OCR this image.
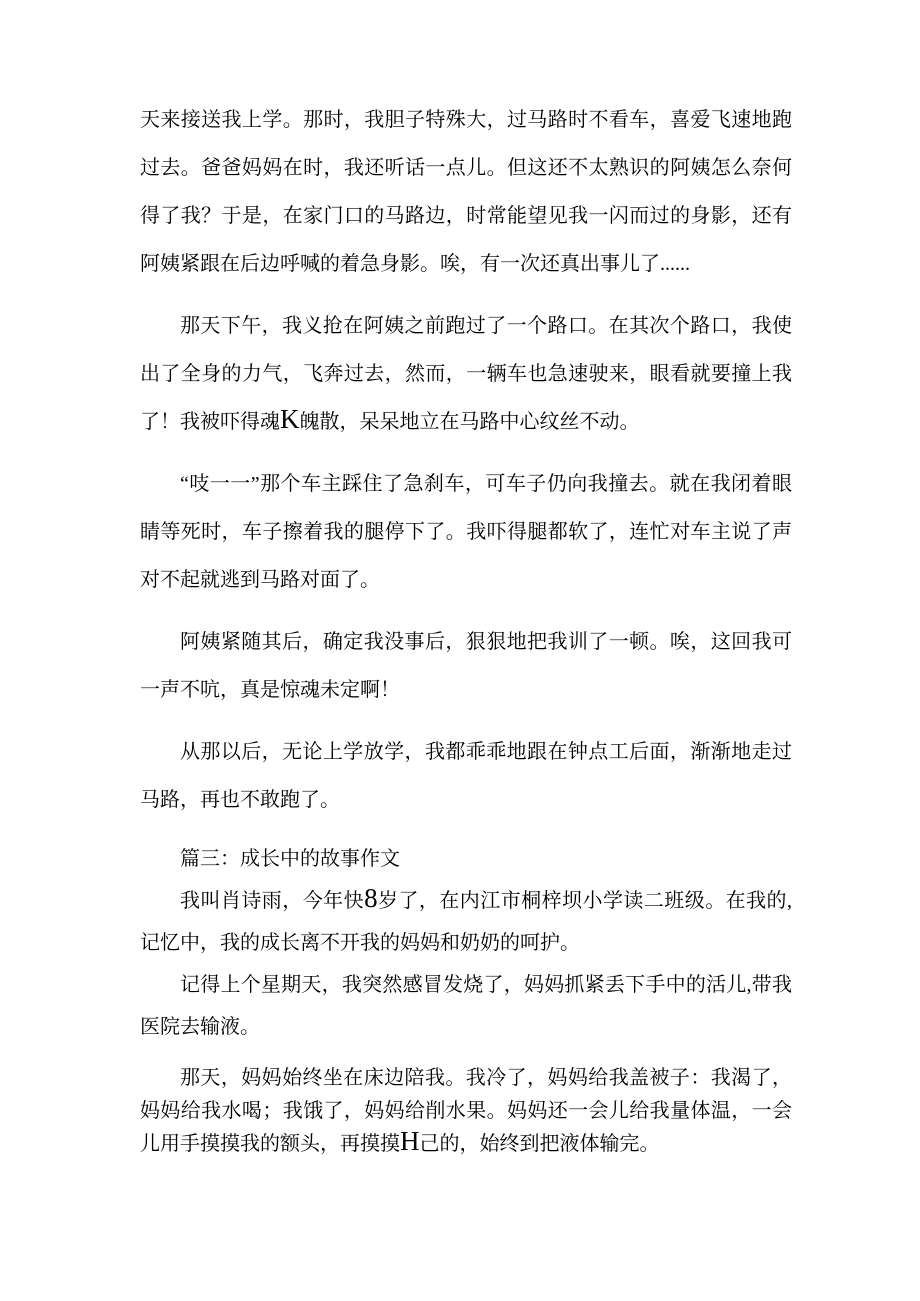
天来接送我上学。那时，我胆子特殊大，过马路时不看车，喜爱飞速地跑过去。爸爸妈妈在时，我还听话一点儿。但这还不太熟识的阿姨怎么奈何得了我？于是，在家门口的马路边，时常能望见我一闪而过的身影，还有阿姨紧跟在后边呼喊的着急身影。唉，有一次还真出事儿了......

那天下午，我义抢在阿姨之前跑过了一个路口。在其次个路口，我使出了全身的力气，飞奔过去，然而，一辆车也急速驶来，眼看就要撞上我了！我被吓得魂K魄散，呆呆地立在马路中心纹丝不动。

“吱一一”那个车主踩住了急刹车，可车子仍向我撞去。就在我闭着眼睛等死时，车子擦着我的腿停下了。我吓得腿都软了，连忙对车主说了声对不起就逃到马路对面了。

阿姨紧随其后，确定我没事后，狠狠地把我训了一顿。唉，这回我可一声不吭，真是惊魂未定啊！

从那以后，无论上学放学，我都乖乖地跟在钟点工后面，渐渐地走过马路，再也不敢跑了。

篇三：成长中的故事作文

我叫肖诗雨，今年快8岁了，在内江市桐梓坝小学读二班级。在我的,记忆中，我的成长离不开我的妈妈和奶奶的呵护。

记得上个星期天，我突然感冒发烧了，妈妈抓紧丢下手中的活儿,带我医院去输液。

那天，妈妈始终坐在床边陪我。我冷了，妈妈给我盖被子：我渴了，妈妈给我水喝；我饿了，妈妈给削水果。妈妈还一会儿给我量体温，一会儿用手摸摸我的额头，再摸摸H己的，始终到把液体输完。
